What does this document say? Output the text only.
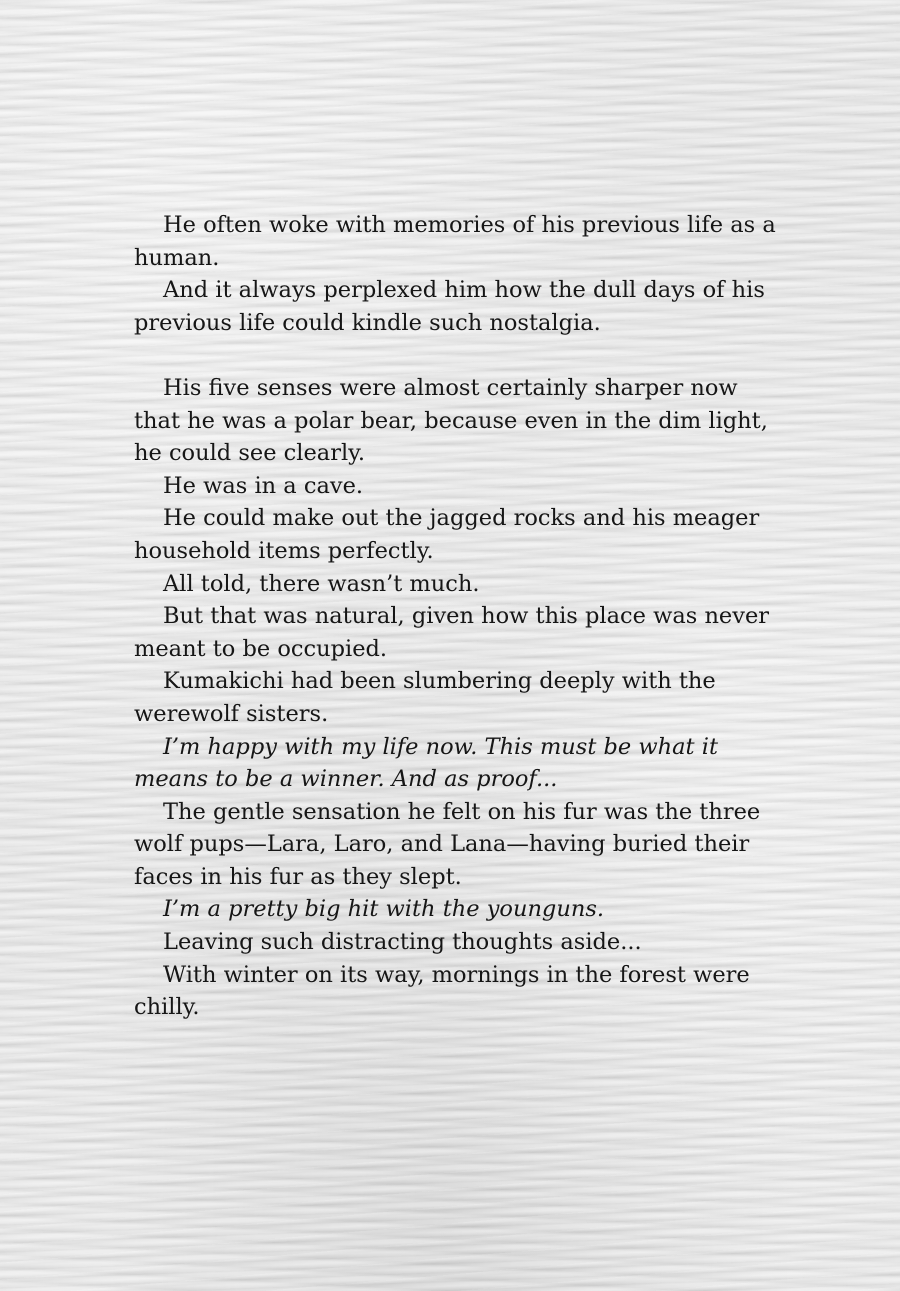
He often woke with memories of his previous life as a human.

And it always perplexed him how the dull days of his previous life could kindle such nostalgia.

His five senses were almost certainly sharper now that he was a polar bear, because even in the dim light, he could see clearly.

He was in a cave.

He could make out the jagged rocks and his meager household items perfectly.

All told, there wasn’t much.

But that was natural, given how this place was never meant to be occupied.

Kumakichi had been slumbering deeply with the werewolf sisters.

I’m happy with my life now. This must be what it means to be a winner. And as proof...

The gentle sensation he felt on his fur was the three wolf pups—Lara, Laro, and Lana—having buried their faces in his fur as they slept.

I’m a pretty big hit with the younguns.

Leaving such distracting thoughts aside...

With winter on its way, mornings in the forest were chilly.
